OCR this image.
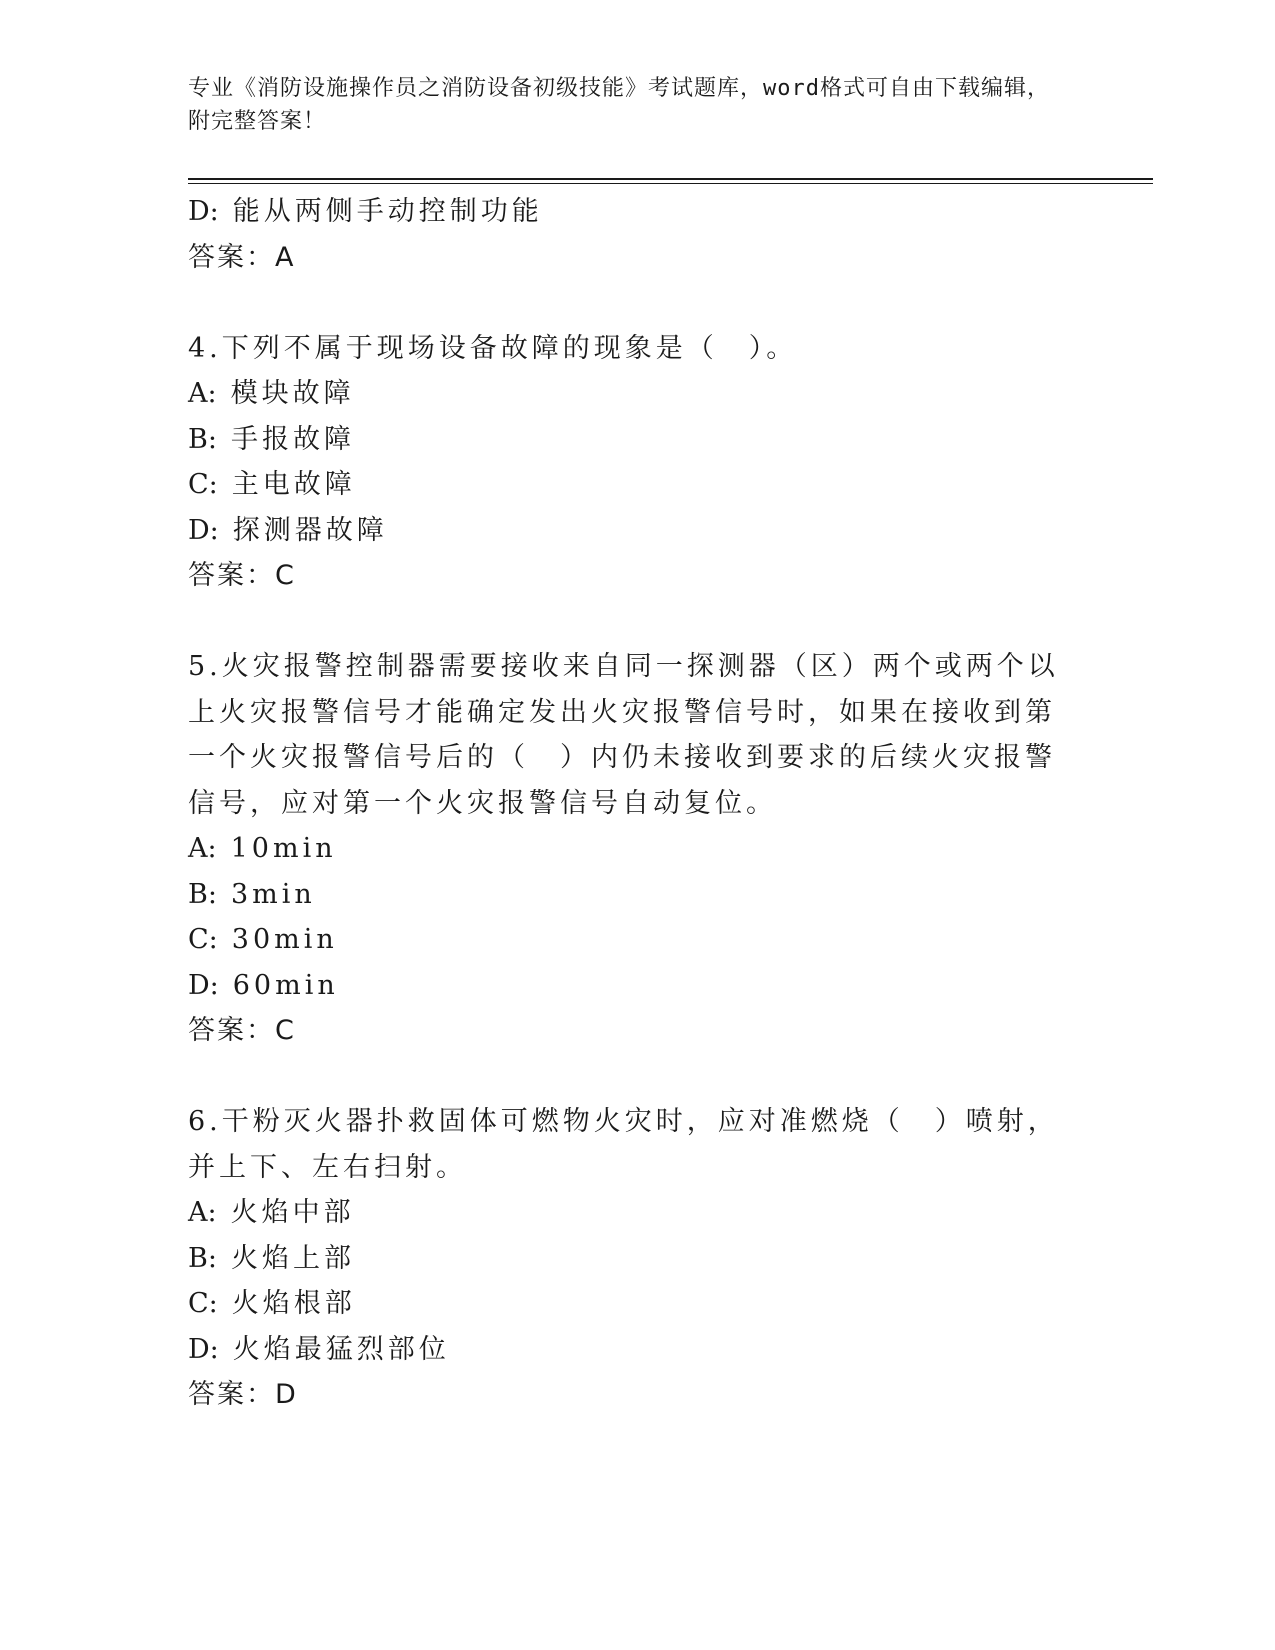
专业《消防设施操作员之消防设备初级技能》考试题库，word格式可自由下载编辑，附完整答案！
D: 能从两侧手动控制功能
答案：A
4.下列不属于现场设备故障的现象是（　）。
A: 模块故障
B: 手报故障
C: 主电故障
D: 探测器故障
答案：C
5.火灾报警控制器需要接收来自同一探测器（区）两个或两个以上火灾报警信号才能确定发出火灾报警信号时，如果在接收到第一个火灾报警信号后的（　）内仍未接收到要求的后续火灾报警信号，应对第一个火灾报警信号自动复位。
A: 10min
B: 3min
C: 30min
D: 60min
答案：C
6.干粉灭火器扑救固体可燃物火灾时，应对准燃烧（　）喷射，并上下、左右扫射。
A: 火焰中部
B: 火焰上部
C: 火焰根部
D: 火焰最猛烈部位
答案：D
